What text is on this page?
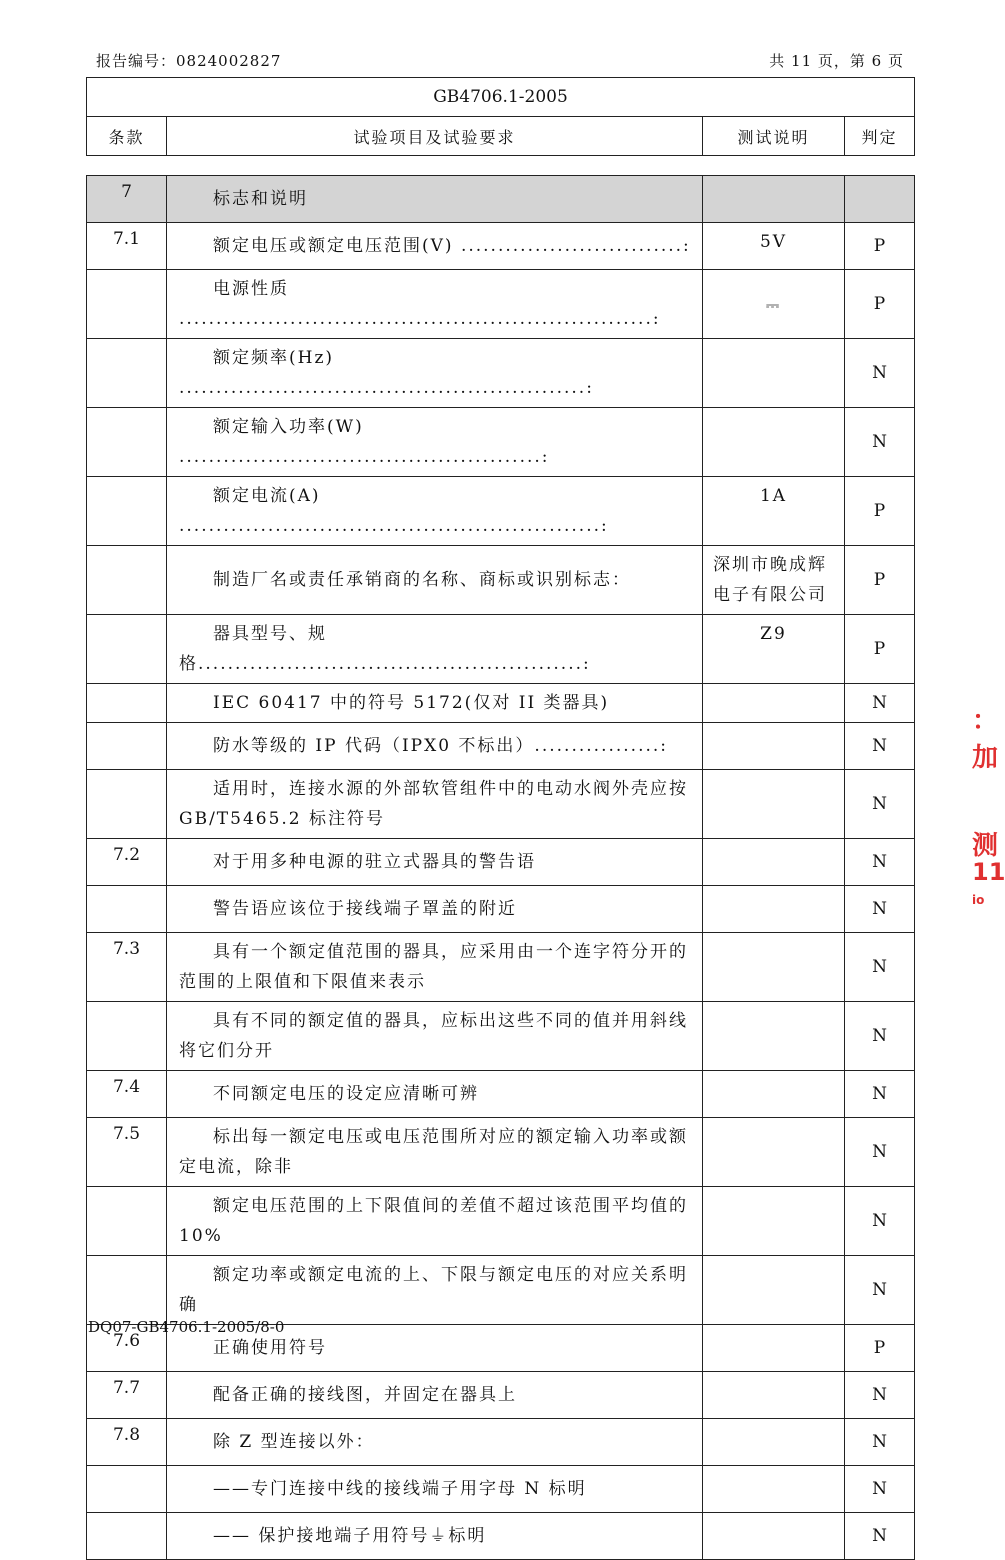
报告编号：0824002827	共 11 页，第 6 页
GB4706.1-2005
条款	试验项目及试验要求	测试说明	判定
7	标志和说明		
7.1	额定电压或额定电压范围(V) ..............................:	5V	P
	电源性质 ................................................................:	⎓	P
	额定频率(Hz) .......................................................:		N
	额定输入功率(W) .................................................:		N
	额定电流(A) .........................................................:	1A	P
	制造厂名或责任承销商的名称、商标或识别标志：	深圳市晚成辉电子有限公司	P
	器具型号、规格....................................................:	Z9	P
	IEC 60417 中的符号 5172(仅对 II 类器具)		N
	防水等级的 IP 代码（IPX0 不标出）.................:		N
	适用时，连接水源的外部软管组件中的电动水阀外壳应按 GB/T5465.2 标注符号		N
7.2	对于用多种电源的驻立式器具的警告语		N
	警告语应该位于接线端子罩盖的附近		N
7.3	具有一个额定值范围的器具，应采用由一个连字符分开的范围的上限值和下限值来表示		N
	具有不同的额定值的器具，应标出这些不同的值并用斜线将它们分开		N
7.4	不同额定电压的设定应清晰可辨		N
7.5	标出每一额定电压或电压范围所对应的额定输入功率或额定电流，除非		N
	额定电压范围的上下限值间的差值不超过该范围平均值的10%		N
	额定功率或额定电流的上、下限与额定电压的对应关系明确		N
7.6	正确使用符号		P
7.7	配备正确的接线图，并固定在器具上		N
7.8	除 Z 型连接以外：		N
	——专门连接中线的接线端子用字母 N 标明		N
	—— 保护接地端子用符号⏚标明		N
DQ07-GB4706.1-2005/8-0
：加
测
11
io
